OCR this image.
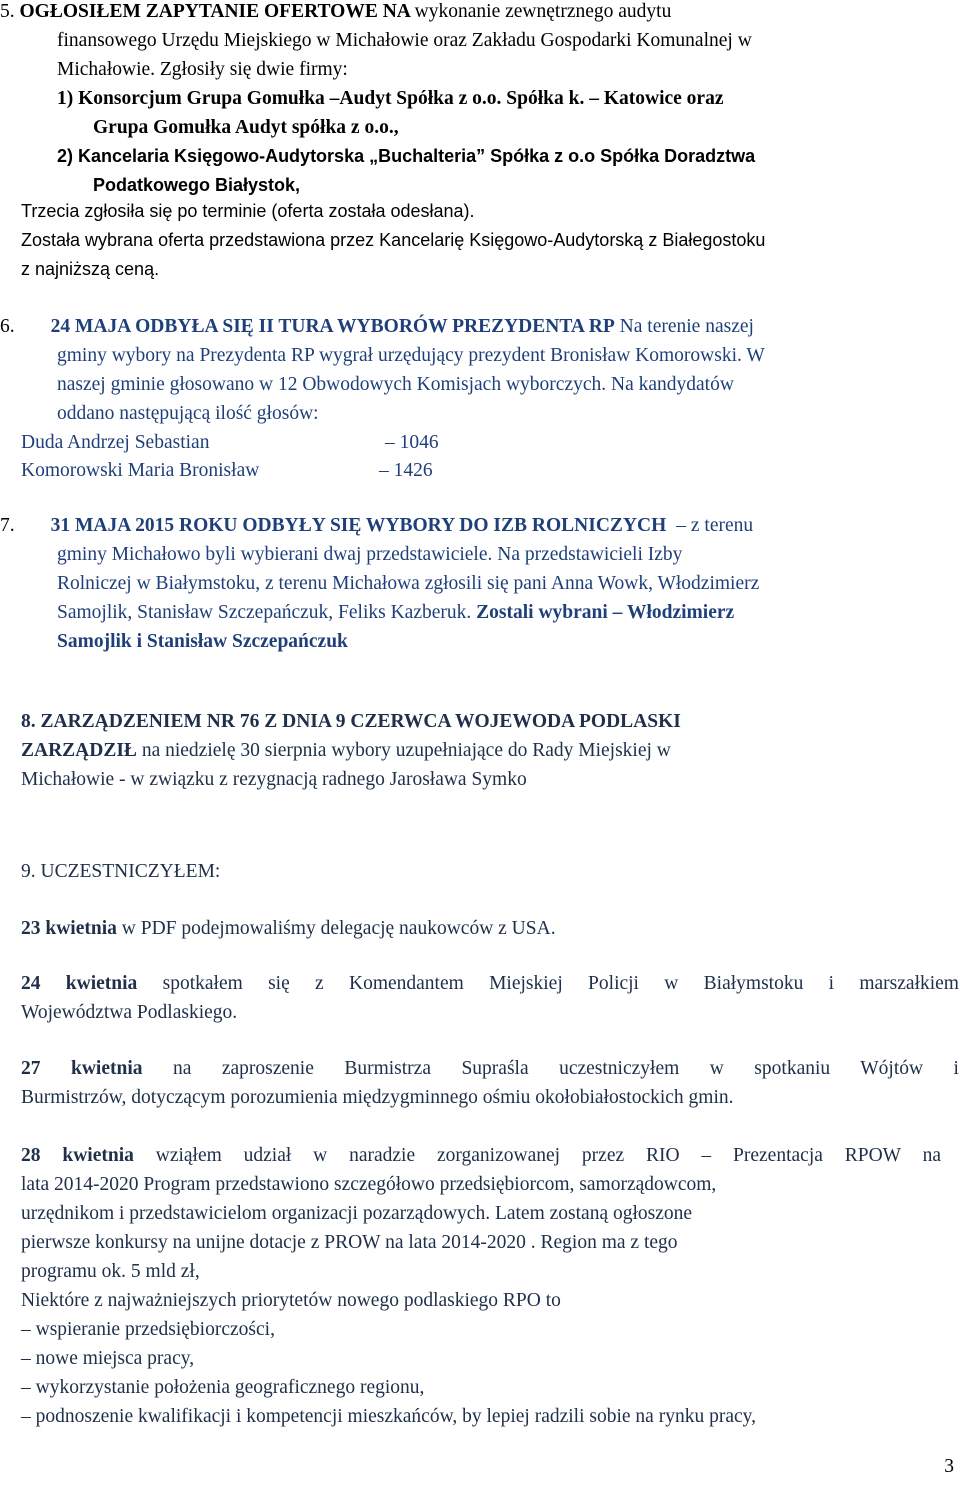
5. OGŁOSIŁEM ZAPYTANIE OFERTOWE NA wykonanie zewnętrznego audytu
finansowego Urzędu Miejskiego w Michałowie oraz Zakładu Gospodarki Komunalnej w
Michałowie. Zgłosiły się dwie firmy:
1) Konsorcjum Grupa Gomułka –Audyt Spółka z o.o. Spółka k. – Katowice oraz
Grupa Gomułka Audyt spółka z o.o.,
2) Kancelaria Księgowo-Audytorska „Buchalteria” Spółka z o.o Spółka Doradztwa
Podatkowego Białystok,
Trzecia zgłosiła się po terminie (oferta została odesłana).
Została wybrana oferta przedstawiona przez Kancelarię Księgowo-Audytorską z Białegostoku
z najniższą ceną.
6. 24 MAJA ODBYŁA SIĘ II TURA WYBORÓW PREZYDENTA RP Na terenie naszej
gminy wybory na Prezydenta RP wygrał urzędujący prezydent Bronisław Komorowski. W
naszej gminie głosowano w 12 Obwodowych Komisjach wyborczych. Na kandydatów
oddano następującą ilość głosów:
Duda Andrzej Sebastian	– 1046
Komorowski Maria Bronisław	– 1426
7. 31 MAJA 2015 ROKU ODBYŁY SIĘ WYBORY DO IZB ROLNICZYCH – z terenu
gminy Michałowo byli wybierani dwaj przedstawiciele. Na przedstawicieli Izby
Rolniczej w Białymstoku, z terenu Michałowa zgłosili się pani Anna Wowk, Włodzimierz
Samojlik, Stanisław Szczepańczuk, Feliks Kazberuk. Zostali wybrani – Włodzimierz
Samojlik i Stanisław Szczepańczuk
8. ZARZĄDZENIEM NR 76 Z DNIA 9 CZERWCA WOJEWODA PODLASKI
ZARZĄDZIŁ na niedzielę 30 sierpnia wybory uzupełniające do Rady Miejskiej w
Michałowie - w związku z rezygnacją radnego Jarosława Symko
9. UCZESTNICZYŁEM:
23 kwietnia w PDF podejmowaliśmy delegację naukowców z USA.
24 kwietnia spotkałem się z Komendantem Miejskiej Policji w Białymstoku i marszałkiem
Województwa Podlaskiego.
27 kwietnia na zaproszenie Burmistrza Supraśla uczestniczyłem w spotkaniu Wójtów i
Burmistrzów, dotyczącym porozumienia międzygminnego ośmiu okołobiałostockich gmin.
28 kwietnia wziąłem udział w naradzie zorganizowanej przez RIO – Prezentacja RPOW na
lata 2014-2020 Program przedstawiono szczegółowo przedsiębiorcom, samorządowcom,
urzędnikom i przedstawicielom organizacji pozarządowych. Latem zostaną ogłoszone
pierwsze konkursy na unijne dotacje z PROW na lata 2014-2020 . Region ma z tego
programu ok. 5 mld zł,
Niektóre z najważniejszych priorytetów nowego podlaskiego RPO to
– wspieranie przedsiębiorczości,
– nowe miejsca pracy,
– wykorzystanie położenia geograficznego regionu,
– podnoszenie kwalifikacji i kompetencji mieszkańców, by lepiej radzili sobie na rynku pracy,
3
